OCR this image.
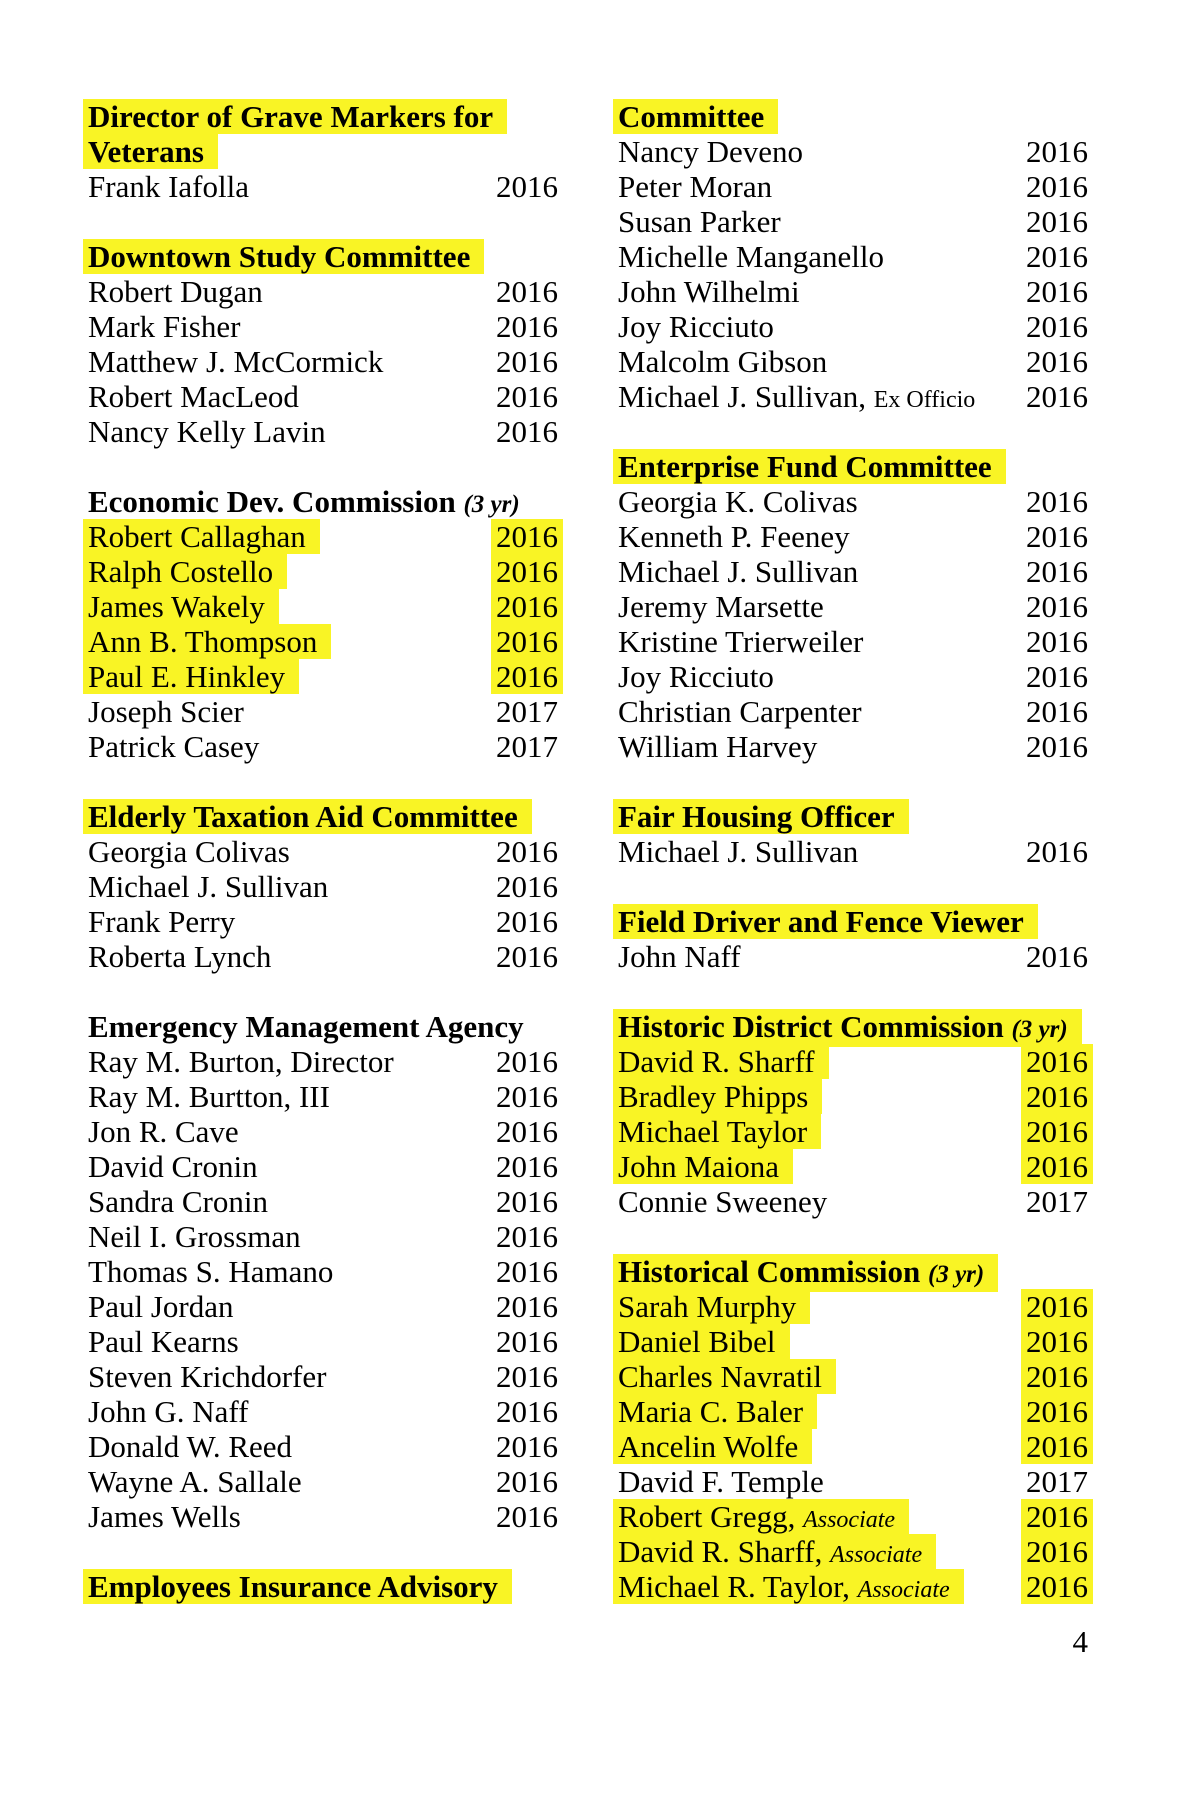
Director of Grave Markers for
Veterans
Frank Iafolla	2016
Downtown Study Committee
Robert Dugan	2016
Mark Fisher	2016
Matthew J. McCormick	2016
Robert MacLeod	2016
Nancy Kelly Lavin	2016
Economic Dev. Commission (3 yr)
Robert Callaghan	2016
Ralph Costello	2016
James Wakely	2016
Ann B. Thompson	2016
Paul E. Hinkley	2016
Joseph Scier	2017
Patrick Casey	2017
Elderly Taxation Aid Committee
Georgia Colivas	2016
Michael J. Sullivan	2016
Frank Perry	2016
Roberta Lynch	2016
Emergency Management Agency
Ray M. Burton, Director	2016
Ray M. Burtton, III	2016
Jon R. Cave	2016
David Cronin	2016
Sandra Cronin	2016
Neil I. Grossman	2016
Thomas S. Hamano	2016
Paul Jordan	2016
Paul Kearns	2016
Steven Krichdorfer	2016
John G. Naff	2016
Donald W. Reed	2016
Wayne A. Sallale	2016
James Wells	2016
Employees Insurance Advisory
Committee
Nancy Deveno	2016
Peter Moran	2016
Susan Parker	2016
Michelle Manganello	2016
John Wilhelmi	2016
Joy Ricciuto	2016
Malcolm Gibson	2016
Michael J. Sullivan, Ex Officio	2016
Enterprise Fund Committee
Georgia K. Colivas	2016
Kenneth P. Feeney	2016
Michael J. Sullivan	2016
Jeremy Marsette	2016
Kristine Trierweiler	2016
Joy Ricciuto	2016
Christian Carpenter	2016
William Harvey	2016
Fair Housing Officer
Michael J. Sullivan	2016
Field Driver and Fence Viewer
John Naff	2016
Historic District Commission (3 yr)
David R. Sharff	2016
Bradley Phipps	2016
Michael Taylor	2016
John Maiona	2016
Connie Sweeney	2017
Historical Commission (3 yr)
Sarah Murphy	2016
Daniel Bibel	2016
Charles Navratil	2016
Maria C. Baler	2016
Ancelin Wolfe	2016
David F. Temple	2017
Robert Gregg, Associate	2016
David R. Sharff, Associate	2016
Michael R. Taylor, Associate	2016
4
